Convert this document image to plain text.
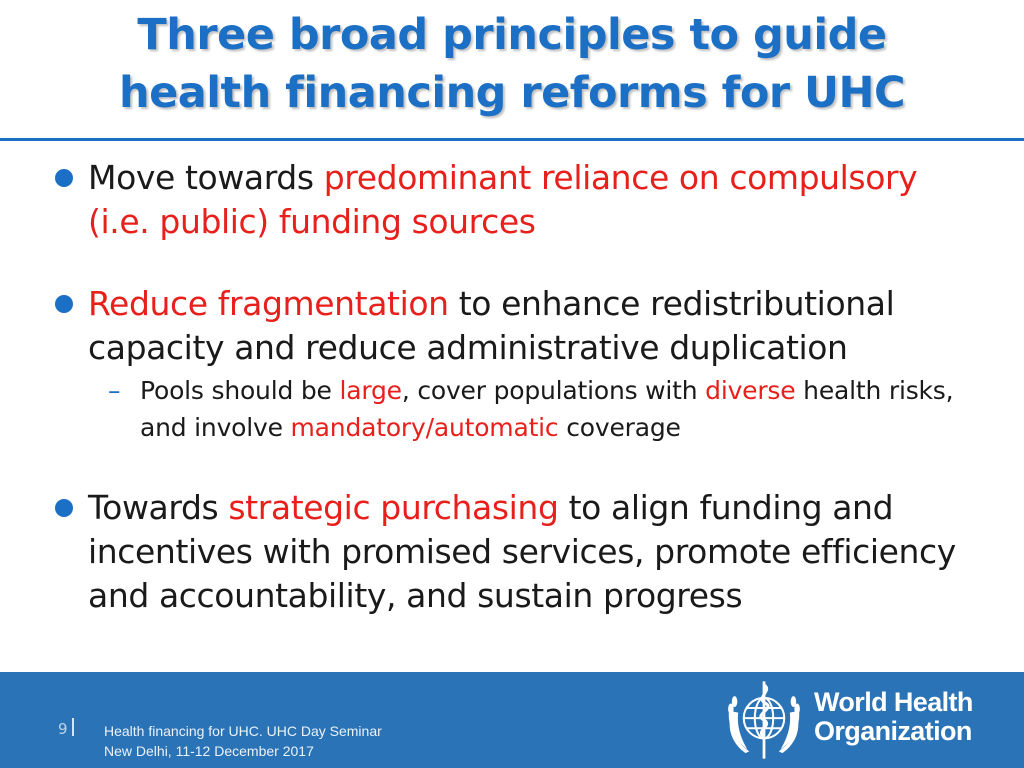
Three broad principles to guide
health financing reforms for UHC
Move towards predominant reliance on compulsory (i.e. public) funding sources
Reduce fragmentation to enhance redistributional capacity and reduce administrative duplication
– Pools should be large, cover populations with diverse health risks, and involve mandatory/automatic coverage
Towards strategic purchasing to align funding and incentives with promised services, promote efficiency and accountability, and sustain progress
9	Health financing for UHC. UHC Day Seminar
New Delhi, 11-12 December 2017
World Health
Organization
